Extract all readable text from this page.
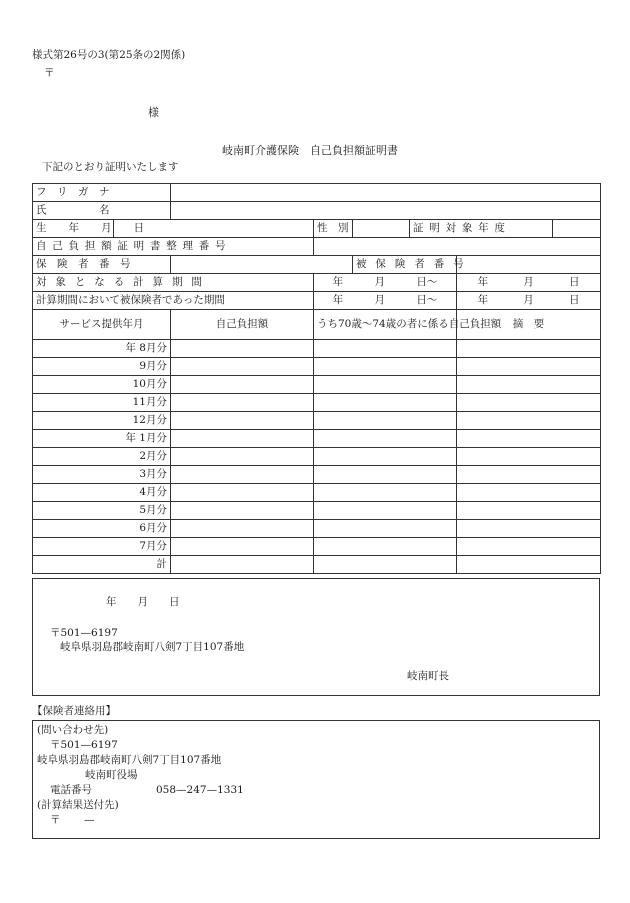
様式第26号の3(第25条の2関係)
〒
様
岐南町介護保険　自己負担額証明書
下記のとおり証明いたします
フ　リ　ガ　ナ							

氏　　　　　名							
生　年　月　日			性　別		証明対象年度		
自己負担額証明書整理番号							

保　険　者　番　号				被保険者番号			
対象となる計算期間			年 月 日〜			年 月 日	

計算期間において被保険者であった期間			年 月 日〜			年 月 日	

サービス提供年月		自己負担額	うち70歳〜74歳の者に係る自己負担額			摘　要	
年 8月分							
9月分							
10月分							
11月分							
12月分							
年 1月分							
2月分							
3月分							
4月分							
5月分							
6月分							
7月分							
計							
年　　月　　日
〒501—6197
岐阜県羽島郡岐南町八剣7丁目107番地
岐南町長
【保険者連絡用】
(問い合わせ先)
〒501—6197
岐阜県羽島郡岐南町八剣7丁目107番地
岐南町役場
電話番号	058—247—1331
(計算結果送付先)
〒 —
